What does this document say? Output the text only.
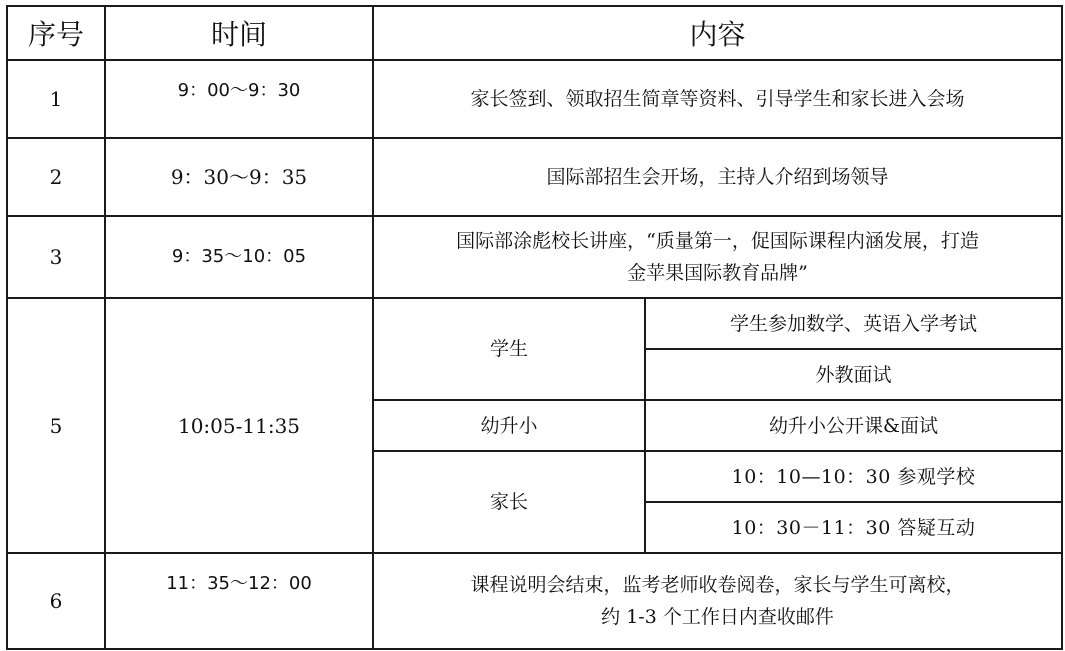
序号	时间	内容	
1	9：00～9：30	家长签到、领取招生简章等资料、引导学生和家长进入会场	
2	9：30～9：35	国际部招生会开场，主持人介绍到场领导	
3	9：35～10：05	国际部涂彪校长讲座，“质量第一，促国际课程内涵发展，打造
金苹果国际教育品牌”	

5	10:05-11:35	学生	学生参加数学、英语入学考试
			外教面试
		幼升小	幼升小公开课&面试
		家长	10：10—10：30 参观学校
			10：30－11：30 答疑互动
6	11：35～12：00	课程说明会结束，监考老师收卷阅卷，家长与学生可离校，
约 1-3 个工作日内查收邮件	
